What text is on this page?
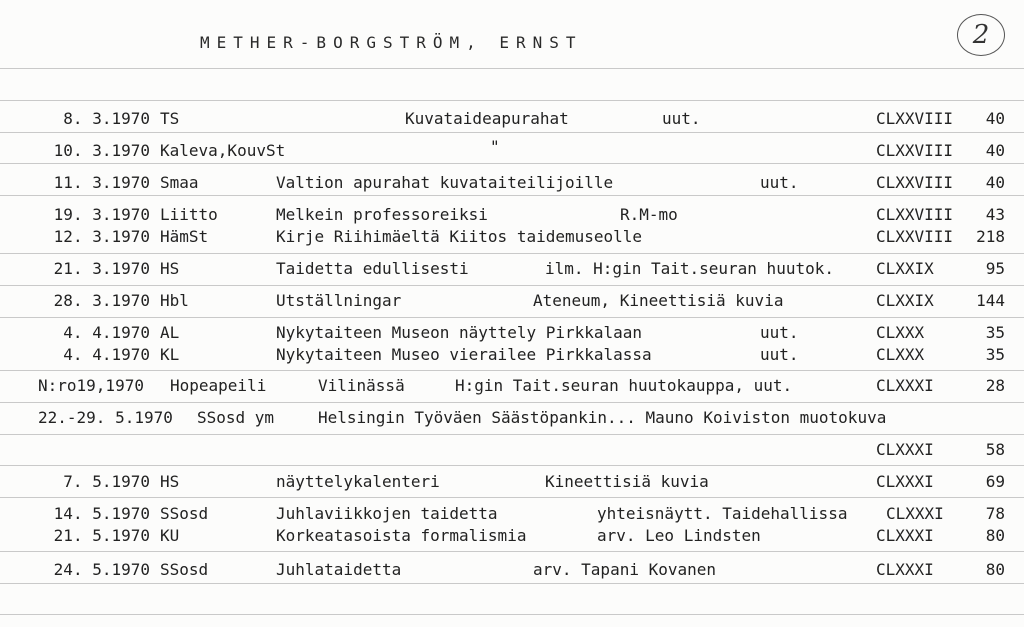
METHER-BORGSTRÖM, ERNST	2
8. 3.1970 TS	Kuvataideapurahat	uut.	CLXXVIII	40
10. 3.1970 Kaleva,KouvSt	"	CLXXVIII	40
11. 3.1970 Smaa	Valtion apurahat kuvataiteilijoille	uut.	CLXXVIII	40
19. 3.1970 Liitto	Melkein professoreiksi	R.M-mo	CLXXVIII	43
12. 3.1970 HämSt	Kirje Riihimäeltä Kiitos taidemuseolle	CLXXVIII	218
21. 3.1970 HS	Taidetta edullisesti	ilm. H:gin Tait.seuran huutok.	CLXXIX	95
28. 3.1970 Hbl	Utställningar	Ateneum, Kineettisiä kuvia	CLXXIX	144
4. 4.1970 AL	Nykytaiteen Museon näyttely Pirkkalaan	uut.	CLXXX	35
4. 4.1970 KL	Nykytaiteen Museo vierailee Pirkkalassa	uut.	CLXXX	35
N:ro19,1970 Hopeapeili	Vilinässä	H:gin Tait.seuran huutokauppa, uut.	CLXXXI	28
22.-29. 5.1970 SSosd ym	Helsingin Työväen Säästöpankin... Mauno Koiviston muotokuva
CLXXXI	58
7. 5.1970 HS	näyttelykalenteri	Kineettisiä kuvia	CLXXXI	69
14. 5.1970 SSosd	Juhlaviikkojen taidetta	yhteisnäytt. Taidehallissa CLXXXI	78
21. 5.1970 KU	Korkeatasoista formalismia	arv. Leo Lindsten	CLXXXI	80
24. 5.1970 SSosd	Juhlataidetta	arv. Tapani Kovanen	CLXXXI	80
